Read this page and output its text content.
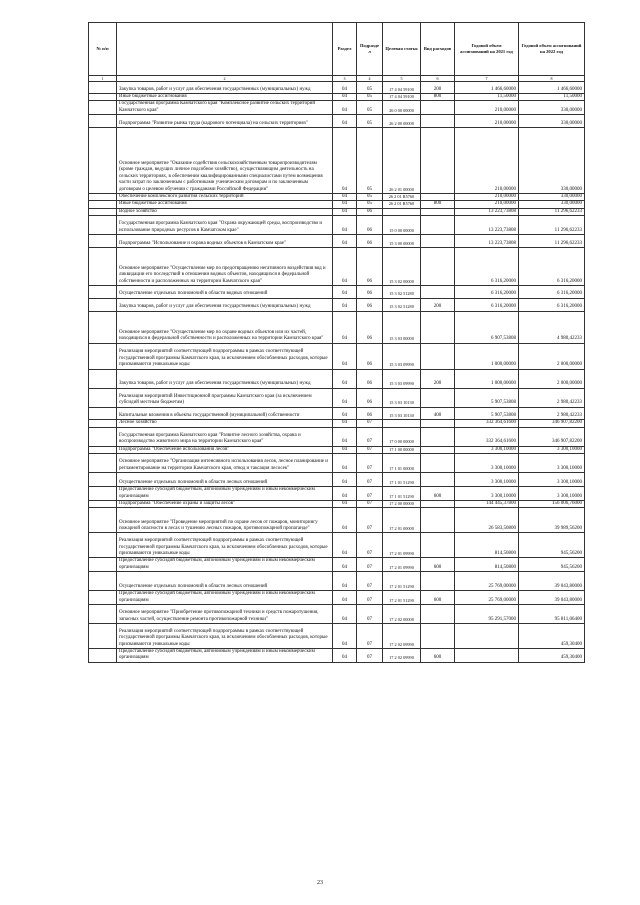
№ п/п		Раздел	Подраздел	Целевая статья	Вид расходов	Годовой объем ассигнований на 2021 год	Годовой объем ассигнований на 2022 год
1	2	3	4	5	6	7	8
	Закупка товаров, работ и услуг для обеспечения государственных (муниципальных) нужд	04	05	17 4 04 59100	200	1 466,60000	1 466,60000
	Иные бюджетные ассигнования	04	05	17 4 04 59100	800	11,50000	11,50000
	Государственная программа Камчатского края "Комплексное развитие сельских территорий Камчатского края"	04	05	26 0 00 00000		210,00000	330,00000
	Подпрограмма "Развитие рынка труда (кадрового потенциала) на сельских территориях"	04	05	26 2 00 00000		210,00000	330,00000
	Основное мероприятие "Оказание содействия сельскохозяйственным товаропроизводителям (кроме граждан, ведущих личное подсобное хозяйство), осуществляющим деятельность на сельских территориях, в обеспечении квалифицированными специалистами путем возмещения части затрат по заключенным с работниками ученическим договорам и по заключенным договорам о целевом обучении с гражданами Российской Федерации"	04	05	26 2 01 00000		210,00000	330,00000
	Обеспечение комплексного развития сельских территорий	04	05	26 2 01 R5760		210,00000	330,00000
	Иные бюджетные ассигнования	04	05	26 2 01 R5760	800	210,00000	330,00000
	Водное хозяйство	04	06			13 223,73808	11 296,62233
	Государственная программа Камчатского края "Охрана окружающей среды, воспроизводство и использование природных ресурсов в Камчатском крае"	04	06	15 0 00 00000		13 223,73808	11 296,62233
	Подпрограмма "Использование и охрана водных объектов в Камчатском крае"	04	06	15 3 00 00000		13 223,73808	11 296,62233
	Основное мероприятие "Осуществление мер по предотвращению негативного воздействия вод и ликвидации его последствий в отношении водных объектов, находящихся в федеральной собственности и расположенных на территории Камчатского края"	04	06	15 3 02 00000		6 316,20000	6 316,20000
	Осуществление отдельных полномочий в области водных отношений	04	06	15 3 02 51280		6 316,20000	6 316,20000
	Закупка товаров, работ и услуг для обеспечения государственных (муниципальных) нужд	04	06	15 3 02 51280	200	6 316,20000	6 316,20000
	Основное мероприятие "Осуществление мер по охране водных объектов или их частей, находящихся в федеральной собственности и расположенных на территории Камчатского края"	04	06	15 3 03 00000		6 907,53808	4 980,42233
	Реализация мероприятий соответствующей подпрограммы в рамках соответствующей государственной программы Камчатского края, за исключением обособленных расходов, которые присваиваются уникальные коды	04	06	15 3 03 09990		1 000,00000	2 000,00000
	Закупка товаров, работ и услуг для обеспечения государственных (муниципальных) нужд	04	06	15 3 03 09990	200	1 000,00000	2 000,00000
	Реализация мероприятий Инвестиционной программы Камчатского края (за исключением субсидий местным бюджетам)	04	06	15 3 03 10130		5 907,53808	2 980,42233
	Капитальные вложения в объекты государственной (муниципальной) собственности	04	06	15 3 03 10130	400	5 907,53808	2 980,42233
	Лесное хозяйство	04	07			332 364,61600	346 907,82200
	Государственная программа Камчатского края "Развитие лесного хозяйства, охрана и воспроизводство животного мира на территории Камчатского края"	04	07	17 0 00 00000		332 364,61600	346 907,82200
	Подпрограмма "Обеспечение использования лесов"	04	07	17 1 00 00000		3 300,10000	3 300,10000
	Основное мероприятие "Организация интенсивного использования лесов, лесное планирование и регламентирование на территории Камчатского края, отвод и таксация лесосек"	04	07	17 1 01 00000		3 300,10000	3 300,10000
	Осуществление отдельных полномочий в области лесных отношений	04	07	17 1 01 51290		3 300,10000	3 300,10000
	Предоставление субсидий бюджетным, автономным учреждениям и иным некоммерческим организациям	04	07	17 1 01 51290	600	3 300,10000	3 300,10000
	Подпрограмма "Обеспечение охраны и защиты лесов"	04	07	17 2 00 00000		144 445,37800	156 006,76000
	Основное мероприятие "Проведение мероприятий по охране лесов от пожаров, мониторингу пожарной опасности в лесах и тушению лесных пожаров, противопожарной пропаганде"	04	07	17 2 01 00000		26 583,50800	39 989,56200
	Реализация мероприятий соответствующей подпрограммы в рамках соответствующей государственной программы Камчатского края, за исключением обособленных расходов, которые присваиваются уникальные коды	04	07	17 2 01 09990		814,50800	945,56200
	Предоставление субсидий бюджетным, автономным учреждениям и иным некоммерческим организациям	04	07	17 2 01 09990	600	814,50800	945,56200
	Осуществление отдельных полномочий в области лесных отношений	04	07	17 2 01 51290		25 769,00000	39 043,80000
	Предоставление субсидий бюджетным, автономным учреждениям и иным некоммерческим организациям	04	07	17 2 01 51290	600	25 769,00000	39 043,80000
	Основное мероприятие "Приобретение противопожарной техники и средств пожаротушения, запасных частей, осуществление ремонта противопожарной техники"	04	07	17 2 02 00000		95 291,57000	95 811,06400
	Реализация мероприятий соответствующей подпрограммы в рамках соответствующей государственной программы Камчатского края, за исключением обособленных расходов, которые присваиваются уникальные коды	04	07	17 2 02 09990			459,30400
	Предоставление субсидий бюджетным, автономным учреждениям и иным некоммерческим организациям	04	07	17 2 02 09990	600		459,30400
23
